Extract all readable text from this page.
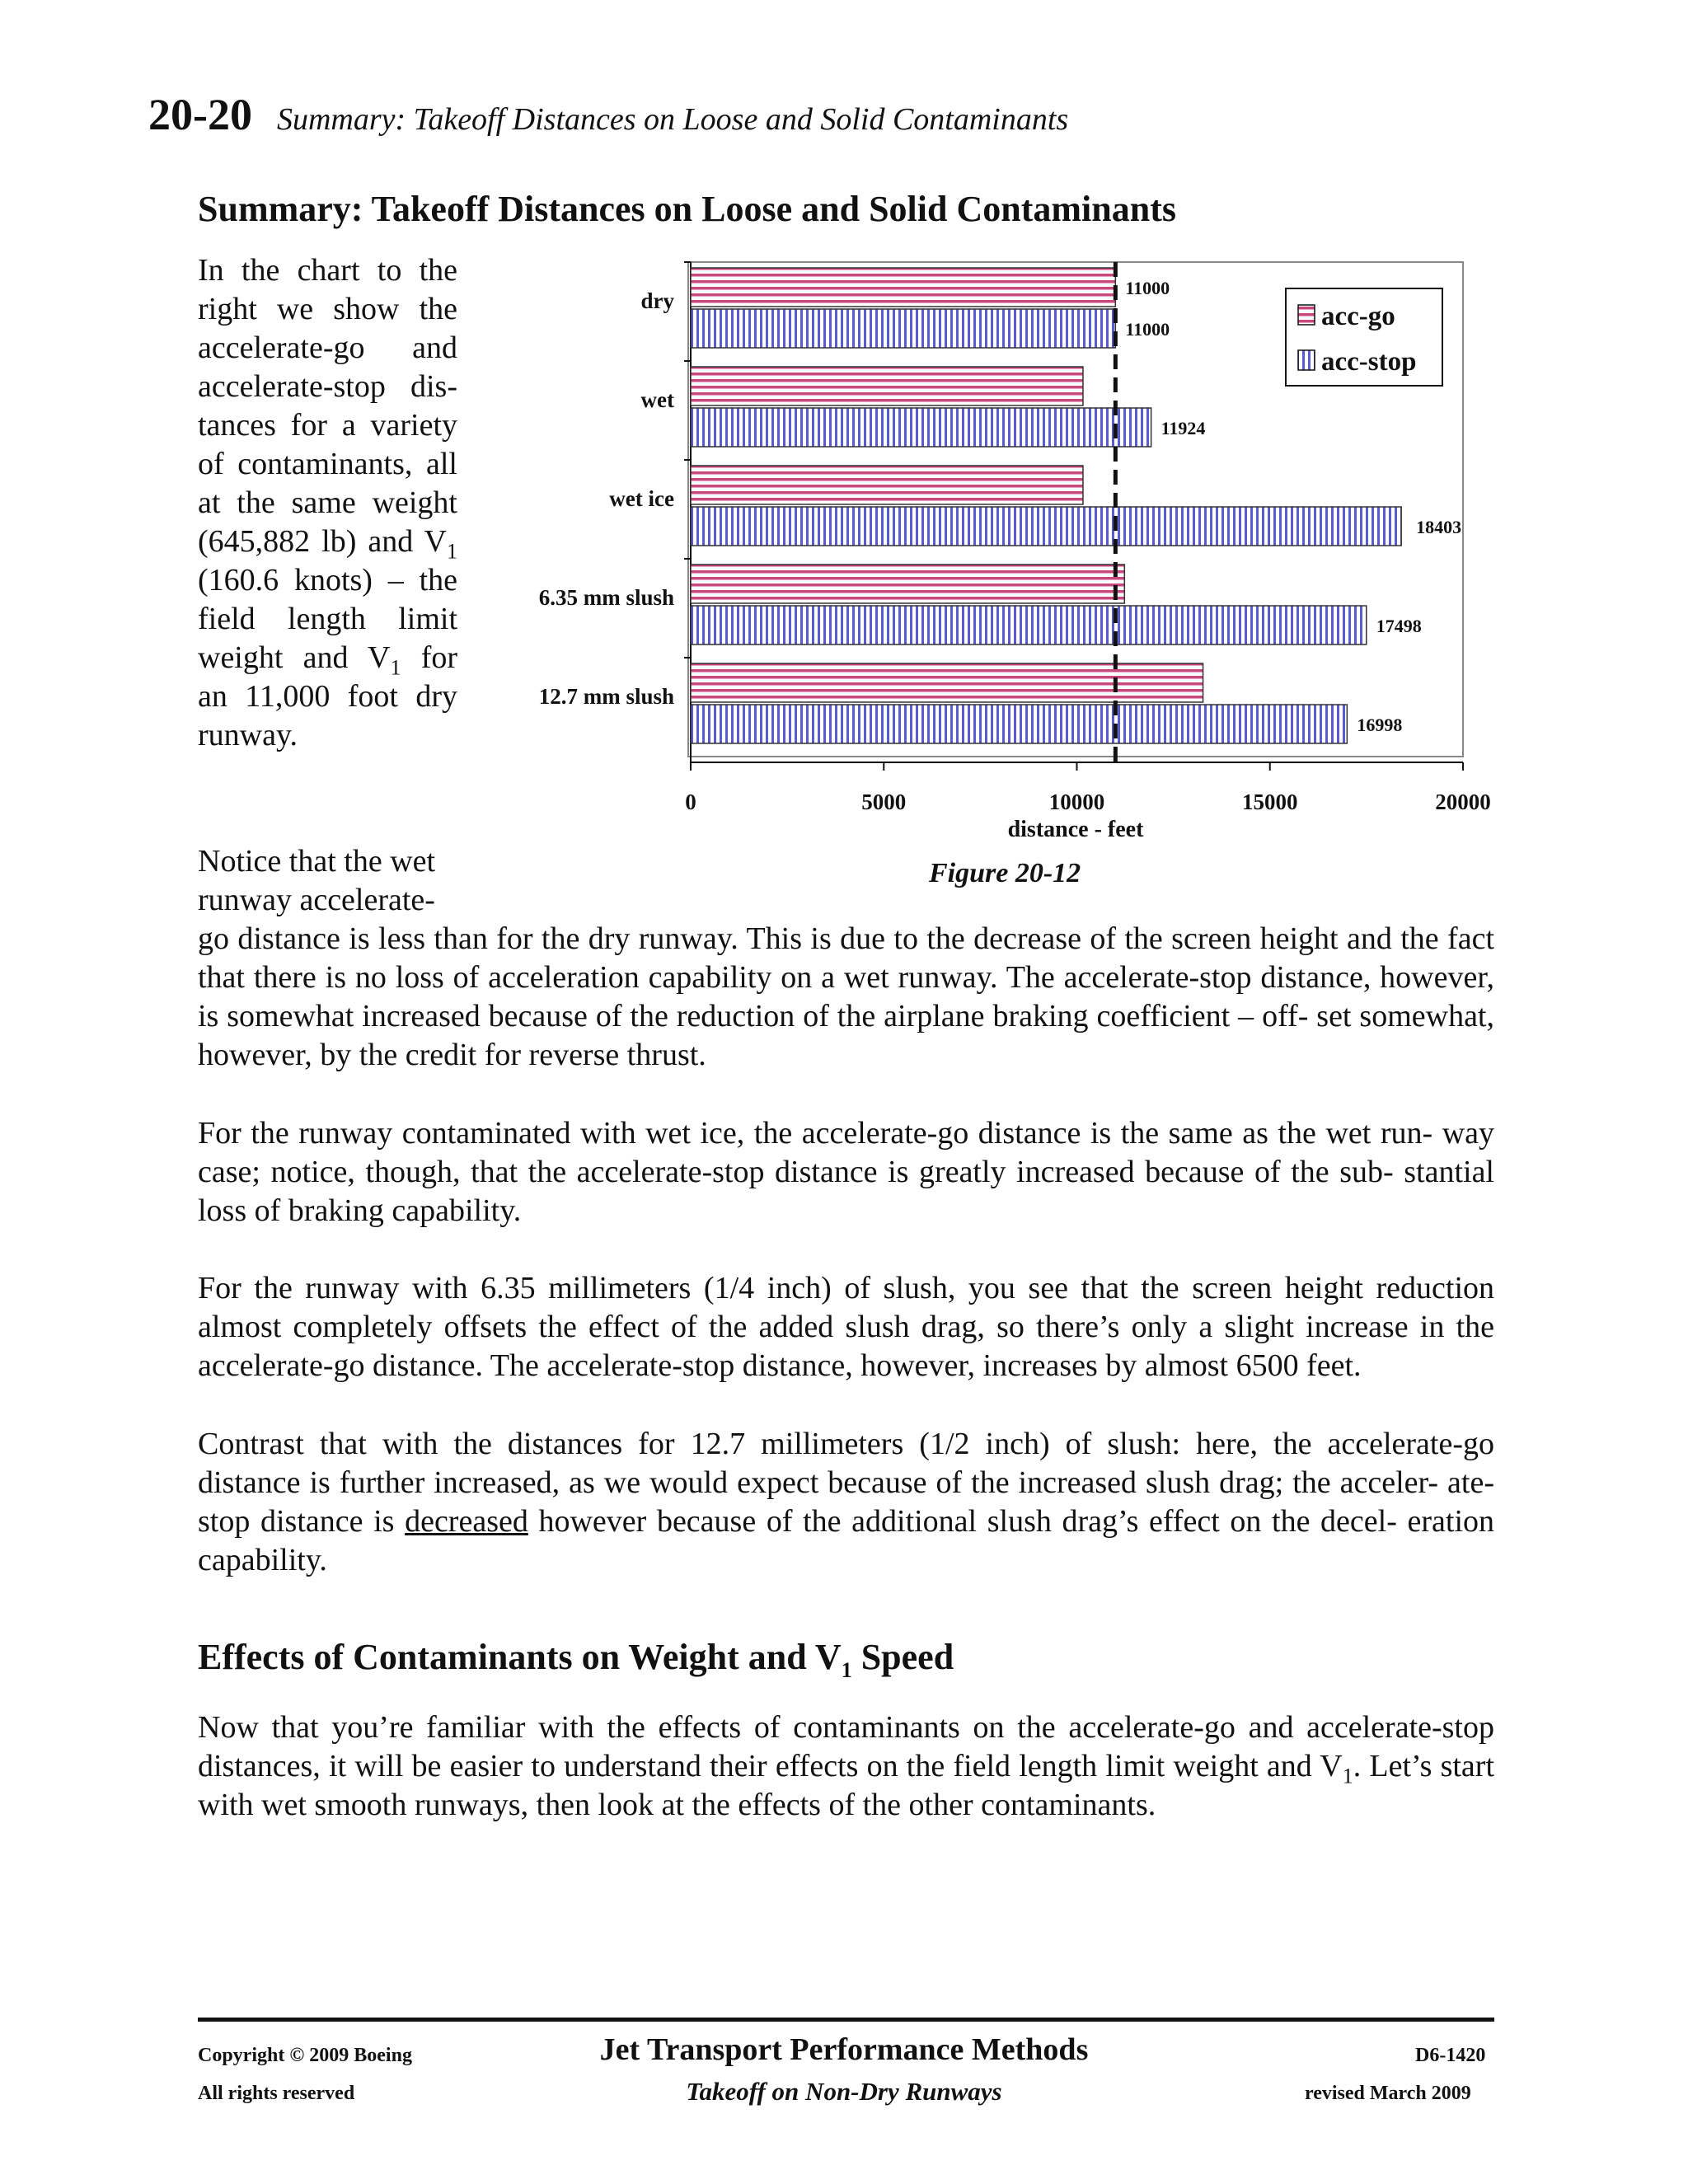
20-20 Summary: Takeoff Distances on Loose and Solid Contaminants
Summary: Takeoff Distances on Loose and Solid Contaminants

In the chart to the right we show the accelerate-go and accelerate-stop dis- tances for a variety of contaminants, all at the same weight (645,882 lb) and $V_1$ (160.6 knots) – the field length limit weight and $V_1$ for an 11,000 foot dry runway.

0	5000	10000	15000	20000
11000
11000
11924
18403
17498
16998
dry
wet
wet ice
6.35 mm slush
12.7 mm slush
distance - feet
acc-go
acc-stop
Figure 20-12

Notice that the wet runway accelerate-

go distance is less than for the dry runway. This is due to the decrease of the screen height and the fact that there is no loss of acceleration capability on a wet runway. The accelerate-stop distance, however, is somewhat increased because of the reduction of the airplane braking coefficient – off- set somewhat, however, by the credit for reverse thrust.

For the runway contaminated with wet ice, the accelerate-go distance is the same as the wet run- way case; notice, though, that the accelerate-stop distance is greatly increased because of the sub- stantial loss of braking capability.

For the runway with 6.35 millimeters (1/4 inch) of slush, you see that the screen height reduction almost completely offsets the effect of the added slush drag, so there’s only a slight increase in the accelerate-go distance. The accelerate-stop distance, however, increases by almost 6500 feet.

Contrast that with the distances for 12.7 millimeters (1/2 inch) of slush: here, the accelerate-go distance is further increased, as we would expect because of the increased slush drag; the acceler- ate-stop distance is decreased however because of the additional slush drag’s effect on the decel- eration capability.

Effects of Contaminants on Weight and $V_1$ Speed

Now that you’re familiar with the effects of contaminants on the accelerate-go and accelerate-stop distances, it will be easier to understand their effects on the field length limit weight and $V_1$. Let’s start with wet smooth runways, then look at the effects of the other contaminants.

Copyright © 2009 Boeing
All rights reserved
Jet Transport Performance Methods
Takeoff on Non-Dry Runways
D6-1420
revised March 2009
